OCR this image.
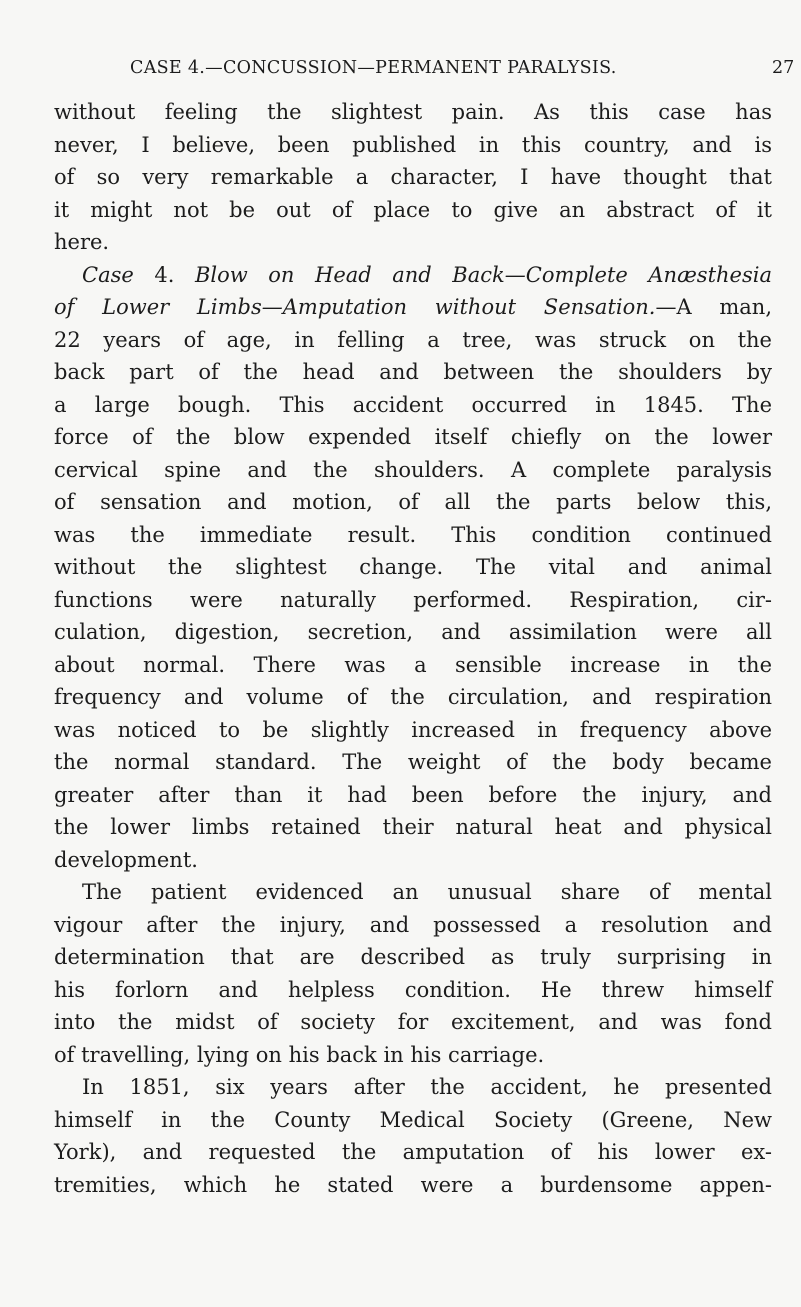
CASE 4.—CONCUSSION—PERMANENT PARALYSIS.	27
without feeling the slightest pain. As this case has
never, I believe, been published in this country, and is
of so very remarkable a character, I have thought that
it might not be out of place to give an abstract of it
here.
Case 4. Blow on Head and Back—Complete Anæsthesia
of Lower Limbs—Amputation without Sensation.—A man,
22 years of age, in felling a tree, was struck on the
back part of the head and between the shoulders by
a large bough. This accident occurred in 1845. The
force of the blow expended itself chiefly on the lower
cervical spine and the shoulders. A complete paralysis
of sensation and motion, of all the parts below this,
was the immediate result. This condition continued
without the slightest change. The vital and animal
functions were naturally performed. Respiration, cir-
culation, digestion, secretion, and assimilation were all
about normal. There was a sensible increase in the
frequency and volume of the circulation, and respiration
was noticed to be slightly increased in frequency above
the normal standard. The weight of the body became
greater after than it had been before the injury, and
the lower limbs retained their natural heat and physical
development.
The patient evidenced an unusual share of mental
vigour after the injury, and possessed a resolution and
determination that are described as truly surprising in
his forlorn and helpless condition. He threw himself
into the midst of society for excitement, and was fond
of travelling, lying on his back in his carriage.
In 1851, six years after the accident, he presented
himself in the County Medical Society (Greene, New
York), and requested the amputation of his lower ex-
tremities, which he stated were a burdensome appen-
